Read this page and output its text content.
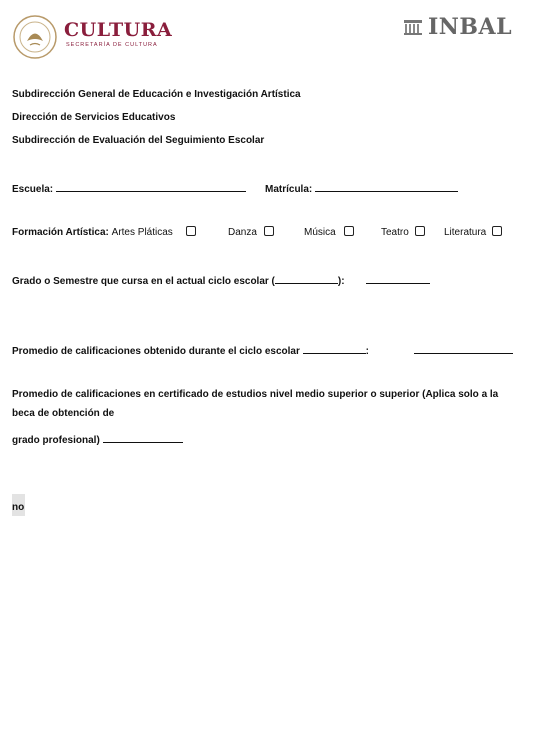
CULTURA
SECRETARÍA DE CULTURA
INBAL
Subdirección General de Educación e Investigación Artística
Dirección de Servicios Educativos
Subdirección de Evaluación del Seguimiento Escolar
Escuela:	Matrícula:
Formación Artística: Artes Pláticas	Danza	Música	Teatro	Literatura
Grado o Semestre que cursa en el actual ciclo escolar (	):
Promedio de calificaciones obtenido durante el ciclo escolar	:
Promedio de calificaciones en certificado de estudios nivel medio superior o superior (Aplica solo a la
beca de obtención de
grado profesional)
no
